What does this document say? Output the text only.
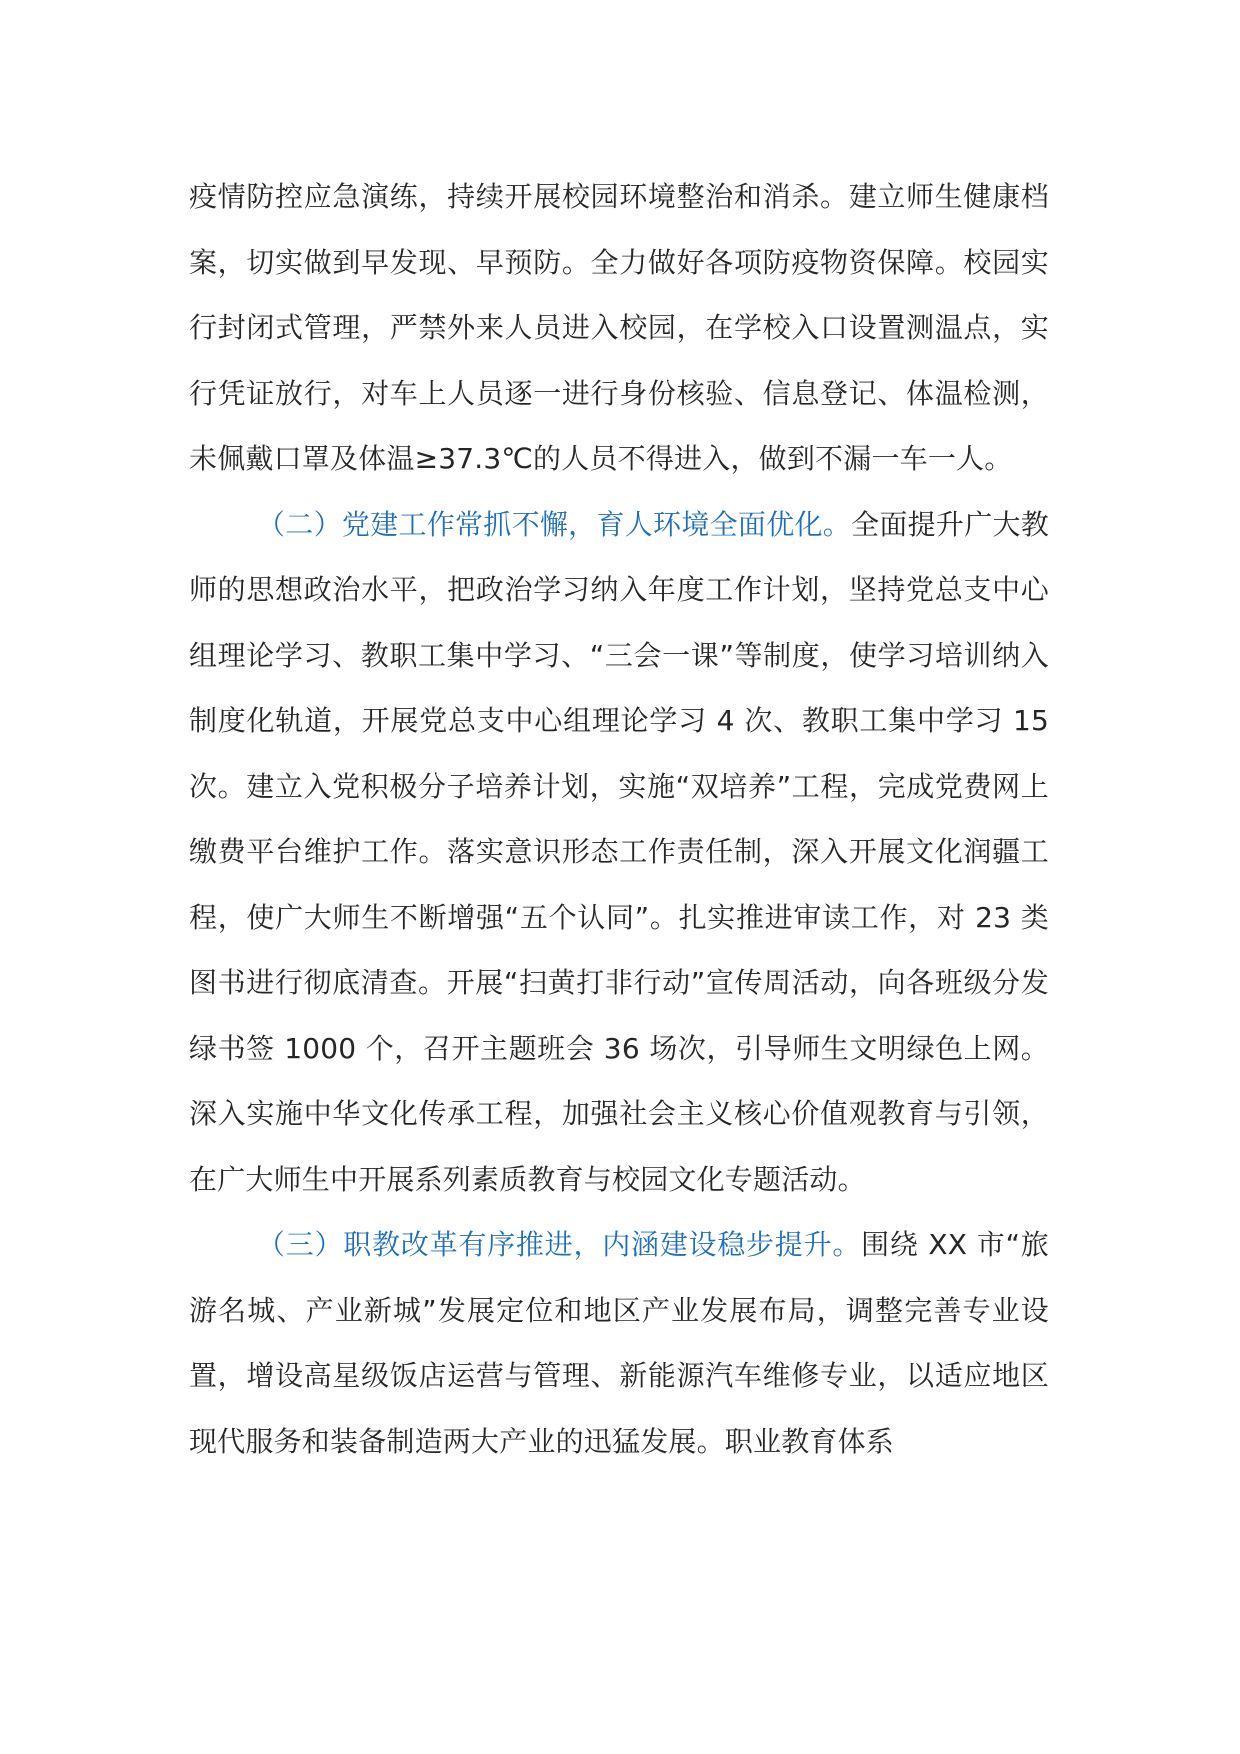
疫情防控应急演练，持续开展校园环境整治和消杀。建立师生健康档案，切实做到早发现、早预防。全力做好各项防疫物资保障。校园实行封闭式管理，严禁外来人员进入校园，在学校入口设置测温点，实行凭证放行，对车上人员逐一进行身份核验、信息登记、体温检测，未佩戴口罩及体温≥37.3℃的人员不得进入，做到不漏一车一人。

（二）党建工作常抓不懈，育人环境全面优化。全面提升广大教师的思想政治水平，把政治学习纳入年度工作计划，坚持党总支中心组理论学习、教职工集中学习、“三会一课”等制度，使学习培训纳入制度化轨道，开展党总支中心组理论学习 4 次、教职工集中学习 15 次。建立入党积极分子培养计划，实施“双培养”工程，完成党费网上缴费平台维护工作。落实意识形态工作责任制，深入开展文化润疆工程，使广大师生不断增强“五个认同”。扎实推进审读工作，对 23 类图书进行彻底清查。开展“扫黄打非行动”宣传周活动，向各班级分发绿书签 1000 个，召开主题班会 36 场次，引导师生文明绿色上网。深入实施中华文化传承工程，加强社会主义核心价值观教育与引领，在广大师生中开展系列素质教育与校园文化专题活动。

（三）职教改革有序推进，内涵建设稳步提升。围绕 XX 市“旅游名城、产业新城”发展定位和地区产业发展布局，调整完善专业设置，增设高星级饭店运营与管理、新能源汽车维修专业，以适应地区现代服务和装备制造两大产业的迅猛发展。职业教育体系
